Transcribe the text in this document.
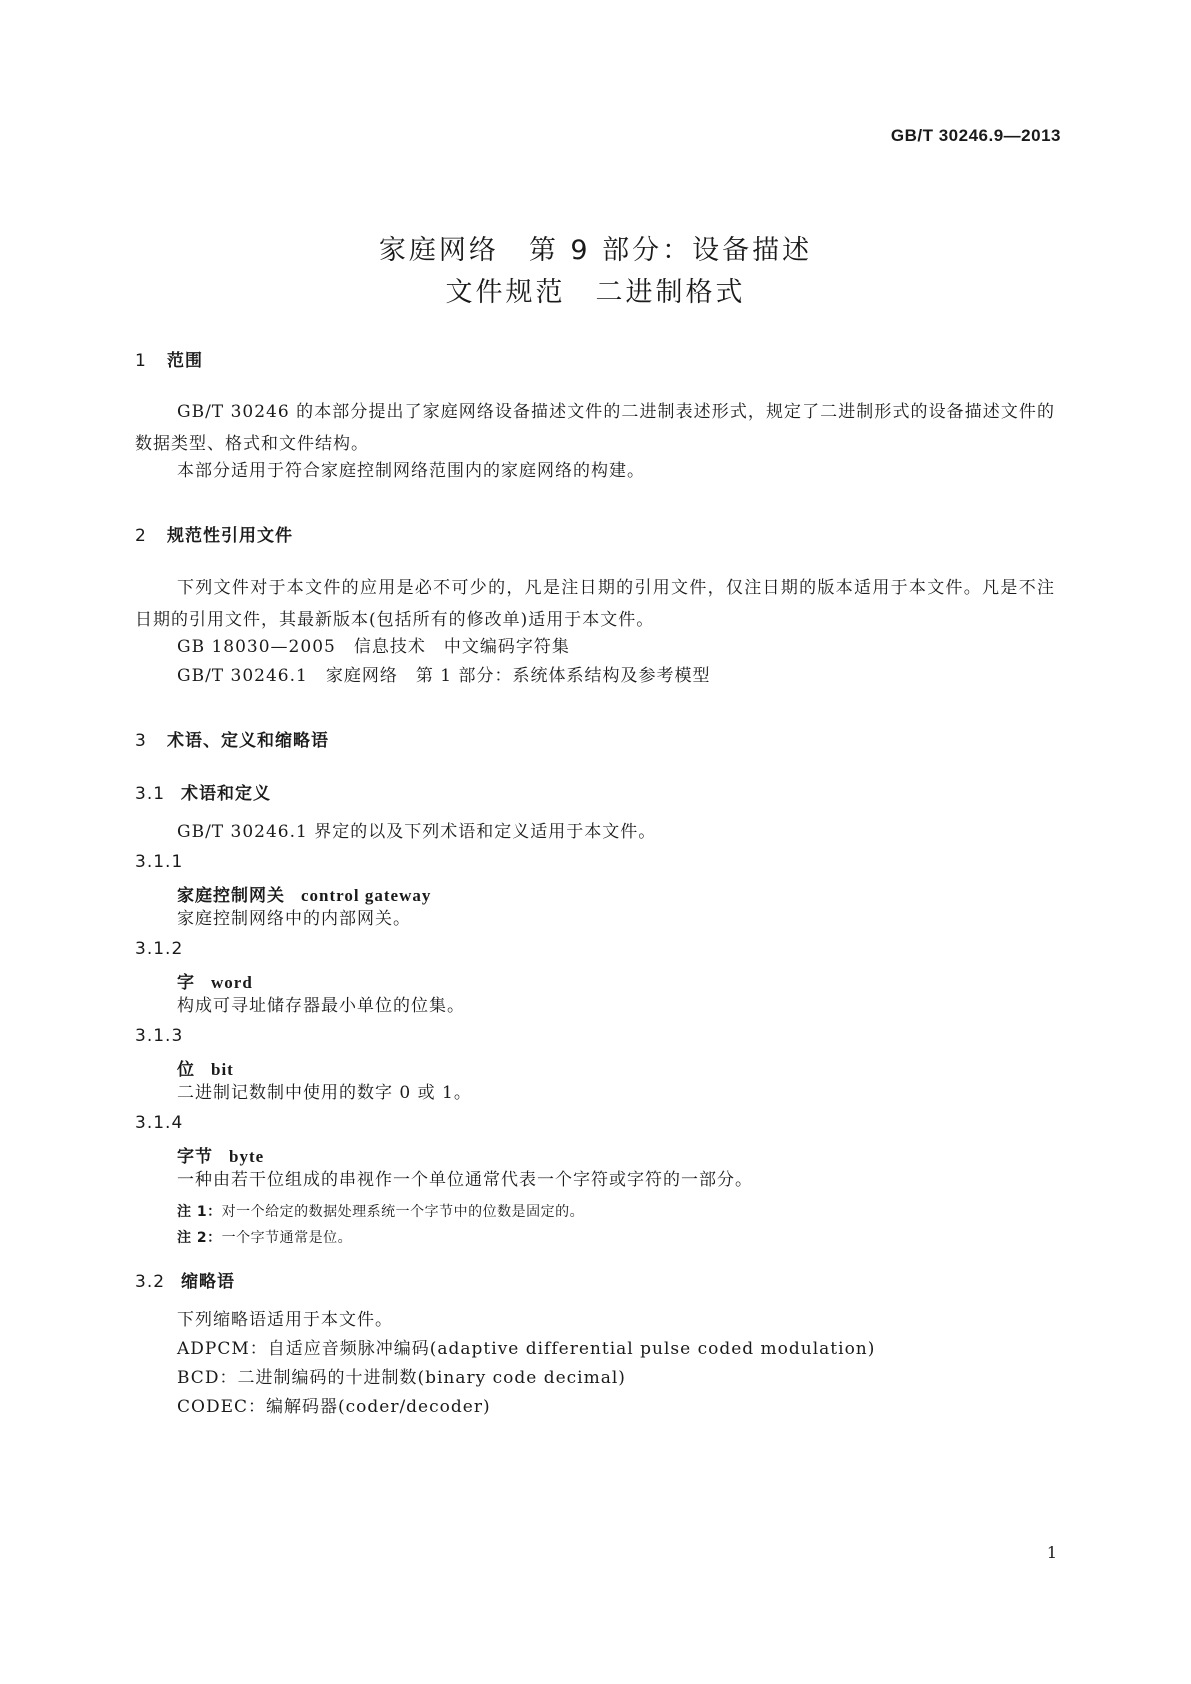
GB/T 30246.9—2013
家庭网络　第 9 部分：设备描述
文件规范　二进制格式
1 范围
GB/T 30246 的本部分提出了家庭网络设备描述文件的二进制表述形式，规定了二进制形式的设备描述文件的数据类型、格式和文件结构。
本部分适用于符合家庭控制网络范围内的家庭网络的构建。
2 规范性引用文件
下列文件对于本文件的应用是必不可少的，凡是注日期的引用文件，仅注日期的版本适用于本文件。凡是不注日期的引用文件，其最新版本(包括所有的修改单)适用于本文件。
GB 18030—2005　信息技术　中文编码字符集
GB/T 30246.1　家庭网络　第 1 部分：系统体系结构及参考模型
3 术语、定义和缩略语
3.1 术语和定义
GB/T 30246.1 界定的以及下列术语和定义适用于本文件。
3.1.1
家庭控制网关 control gateway
家庭控制网络中的内部网关。
3.1.2
字 word
构成可寻址储存器最小单位的位集。
3.1.3
位 bit
二进制记数制中使用的数字 0 或 1。
3.1.4
字节 byte
一种由若干位组成的串视作一个单位通常代表一个字符或字符的一部分。
注 1：对一个给定的数据处理系统一个字节中的位数是固定的。
注 2：一个字节通常是位。
3.2 缩略语
下列缩略语适用于本文件。
ADPCM：自适应音频脉冲编码(adaptive differential pulse coded modulation)
BCD：二进制编码的十进制数(binary code decimal)
CODEC：编解码器(coder/decoder)
1
